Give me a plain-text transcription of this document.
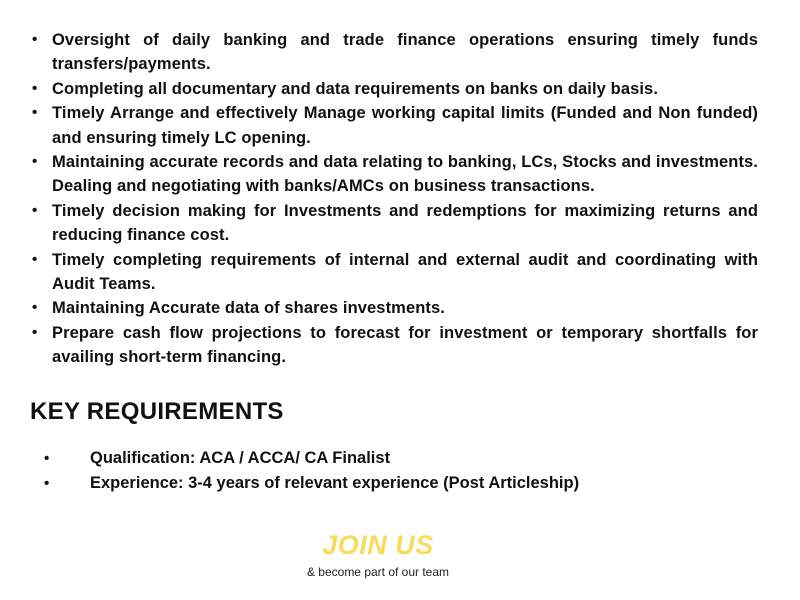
• Oversight of daily banking and trade finance operations ensuring timely funds transfers/payments.
• Completing all documentary and data requirements on banks on daily basis.
• Timely Arrange and effectively Manage working capital limits (Funded and Non funded) and ensuring timely LC opening.
• Maintaining accurate records and data relating to banking, LCs, Stocks and investments. Dealing and negotiating with banks/AMCs on business transactions.
• Timely decision making for Investments and redemptions for maximizing returns and reducing finance cost.
• Timely completing requirements of internal and external audit and coordinating with Audit Teams.
• Maintaining Accurate data of shares investments.
• Prepare cash flow projections to forecast for investment or temporary shortfalls for availing short-term financing.
KEY REQUIREMENTS
• Qualification: ACA / ACCA/ CA Finalist
• Experience: 3-4 years of relevant experience (Post Articleship)
JOIN US
& become part of our team
